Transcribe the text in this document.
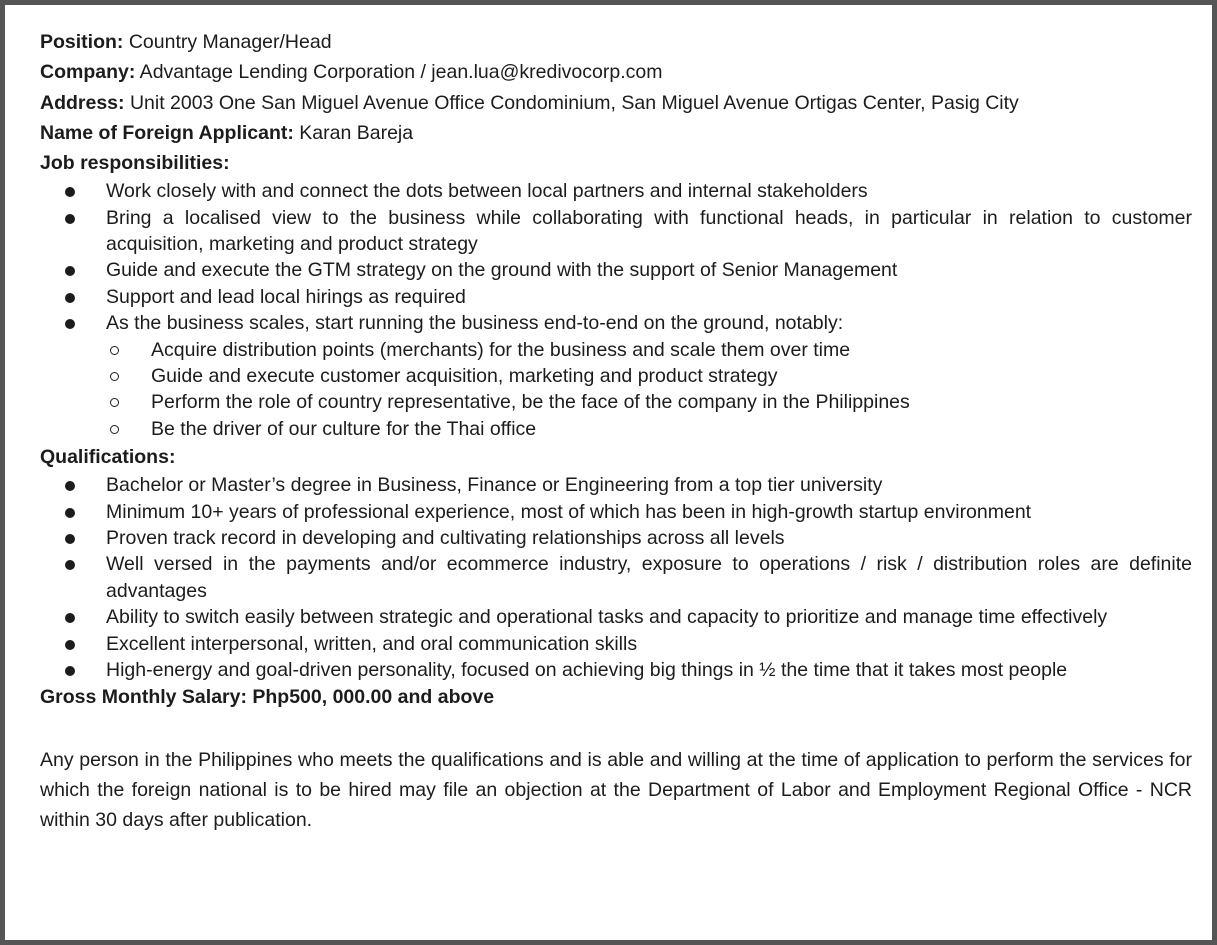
Position: Country Manager/Head
Company: Advantage Lending Corporation / jean.lua@kredivocorp.com
Address: Unit 2003 One San Miguel Avenue Office Condominium, San Miguel Avenue Ortigas Center, Pasig City
Name of Foreign Applicant: Karan Bareja
Job responsibilities:
Work closely with and connect the dots between local partners and internal stakeholders
Bring a localised view to the business while collaborating with functional heads, in particular in relation to customer acquisition, marketing and product strategy
Guide and execute the GTM strategy on the ground with the support of Senior Management
Support and lead local hirings as required
As the business scales, start running the business end-to-end on the ground, notably:
Acquire distribution points (merchants) for the business and scale them over time
Guide and execute customer acquisition, marketing and product strategy
Perform the role of country representative, be the face of the company in the Philippines
Be the driver of our culture for the Thai office
Qualifications:
Bachelor or Master’s degree in Business, Finance or Engineering from a top tier university
Minimum 10+ years of professional experience, most of which has been in high-growth startup environment
Proven track record in developing and cultivating relationships across all levels
Well versed in the payments and/or ecommerce industry, exposure to operations / risk / distribution roles are definite advantages
Ability to switch easily between strategic and operational tasks and capacity to prioritize and manage time effectively
Excellent interpersonal, written, and oral communication skills
High-energy and goal-driven personality, focused on achieving big things in ½ the time that it takes most people
Gross Monthly Salary: Php500, 000.00 and above
Any person in the Philippines who meets the qualifications and is able and willing at the time of application to perform the services for which the foreign national is to be hired may file an objection at the Department of Labor and Employment Regional Office - NCR within 30 days after publication.
